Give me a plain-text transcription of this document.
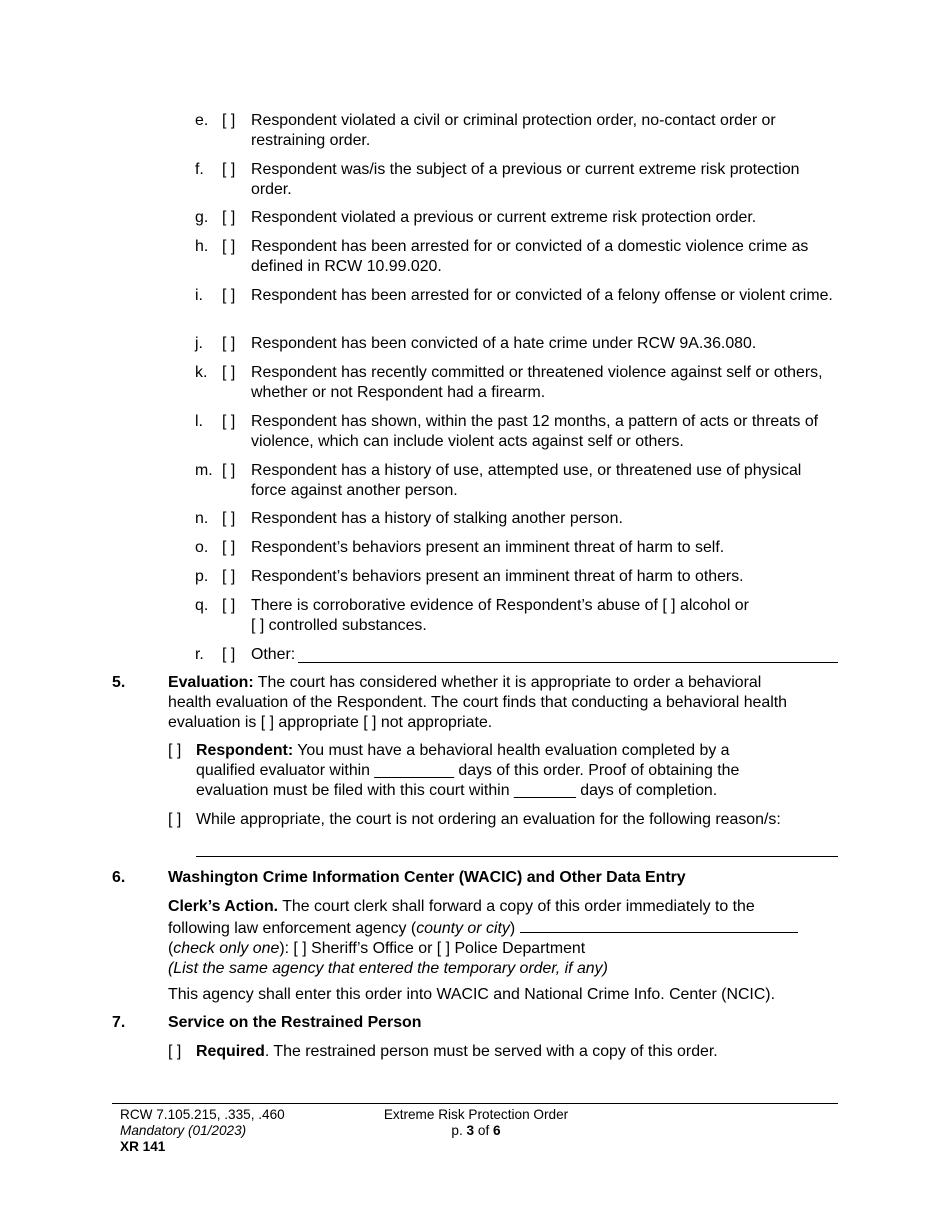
e. [ ] Respondent violated a civil or criminal protection order, no-contact order or restraining order.
f. [ ] Respondent was/is the subject of a previous or current extreme risk protection order.
g. [ ] Respondent violated a previous or current extreme risk protection order.
h. [ ] Respondent has been arrested for or convicted of a domestic violence crime as defined in RCW 10.99.020.
i. [ ] Respondent has been arrested for or convicted of a felony offense or violent crime.
j. [ ] Respondent has been convicted of a hate crime under RCW 9A.36.080.
k. [ ] Respondent has recently committed or threatened violence against self or others, whether or not Respondent had a firearm.
l. [ ] Respondent has shown, within the past 12 months, a pattern of acts or threats of violence, which can include violent acts against self or others.
m. [ ] Respondent has a history of use, attempted use, or threatened use of physical force against another person.
n. [ ] Respondent has a history of stalking another person.
o. [ ] Respondent’s behaviors present an imminent threat of harm to self.
p. [ ] Respondent’s behaviors present an imminent threat of harm to others.
q. [ ] There is corroborative evidence of Respondent’s abuse of [ ] alcohol or
[ ] controlled substances.
r. [ ] Other:
5.	Evaluation: The court has considered whether it is appropriate to order a behavioral
health evaluation of the Respondent. The court finds that conducting a behavioral health
evaluation is [ ] appropriate [ ] not appropriate.
[ ] Respondent: You must have a behavioral health evaluation completed by a
qualified evaluator within _________ days of this order. Proof of obtaining the
evaluation must be filed with this court within _______ days of completion.
[ ] While appropriate, the court is not ordering an evaluation for the following reason/s:
6.	Washington Crime Information Center (WACIC) and Other Data Entry
Clerk’s Action. The court clerk shall forward a copy of this order immediately to the
following law enforcement agency (county or city)
(check only one): [ ] Sheriff’s Office or [ ] Police Department
(List the same agency that entered the temporary order, if any)
This agency shall enter this order into WACIC and National Crime Info. Center (NCIC).
7.	Service on the Restrained Person
[ ] Required. The restrained person must be served with a copy of this order.
RCW 7.105.215, .335, .460
Mandatory (01/2023)
XR 141
Extreme Risk Protection Order
p. 3 of 6
